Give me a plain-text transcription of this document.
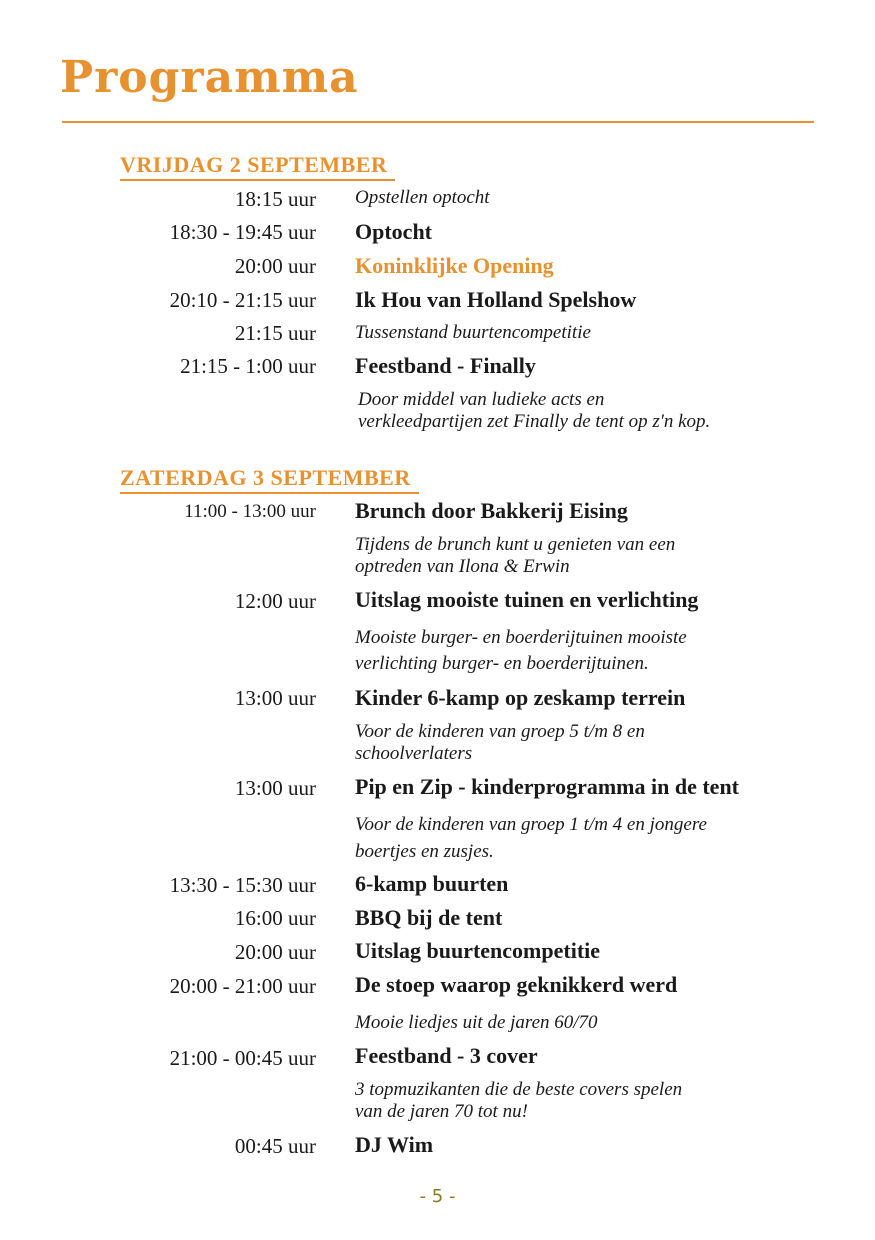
Programma
VRIJDAG 2 SEPTEMBER
18:15 uur Opstellen optocht
18:30 - 19:45 uur Optocht
20:00 uur Koninklijke Opening
20:10 - 21:15 uur Ik Hou van Holland Spelshow
21:15 uur Tussenstand buurtencompetitie
21:15 - 1:00 uur Feestband - Finally
Door middel van ludieke acts en
verkleedpartijen zet Finally de tent op z'n kop.
ZATERDAG 3 SEPTEMBER
11:00 - 13:00 uur Brunch door Bakkerij Eising
Tijdens de brunch kunt u genieten van een
optreden van Ilona & Erwin
12:00 uur Uitslag mooiste tuinen en verlichting
Mooiste burger- en boerderijtuinen mooiste
verlichting burger- en boerderijtuinen.
13:00 uur Kinder 6-kamp op zeskamp terrein
Voor de kinderen van groep 5 t/m 8 en
schoolverlaters
13:00 uur Pip en Zip - kinderprogramma in de tent
Voor de kinderen van groep 1 t/m 4 en jongere
boertjes en zusjes.
13:30 - 15:30 uur 6-kamp buurten
16:00 uur BBQ bij de tent
20:00 uur Uitslag buurtencompetitie
20:00 - 21:00 uur De stoep waarop geknikkerd werd
Mooie liedjes uit de jaren 60/70
21:00 - 00:45 uur Feestband - 3 cover
3 topmuzikanten die de beste covers spelen
van de jaren 70 tot nu!
00:45 uur DJ Wim
- 5 -
